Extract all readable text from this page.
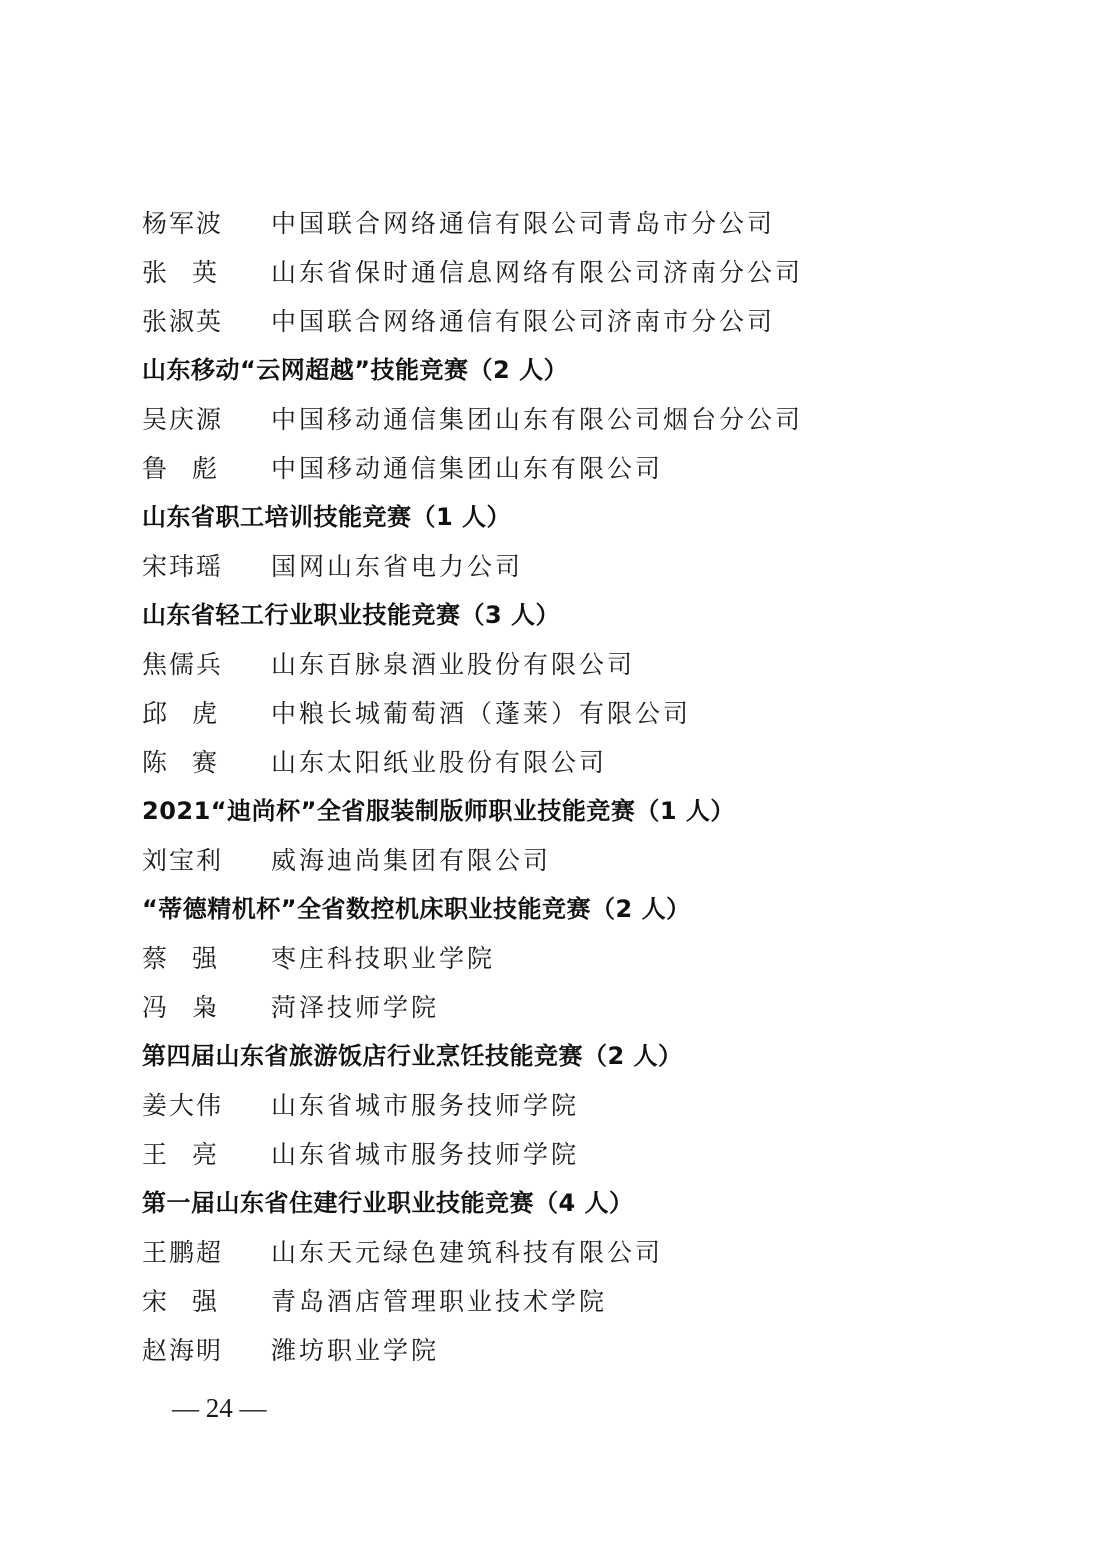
杨军波 中国联合网络通信有限公司青岛市分公司
张　英	山东省保时通信息网络有限公司济南分公司
张淑英 中国联合网络通信有限公司济南市分公司
山东移动“云网超越”技能竞赛（2 人）
吴庆源 中国移动通信集团山东有限公司烟台分公司
鲁　彪	中国移动通信集团山东有限公司
山东省职工培训技能竞赛（1 人）
宋玮瑶 国网山东省电力公司
山东省轻工行业职业技能竞赛（3 人）
焦儒兵 山东百脉泉酒业股份有限公司
邱　虎	中粮长城葡萄酒（蓬莱）有限公司
陈　赛	山东太阳纸业股份有限公司
2021“迪尚杯”全省服装制版师职业技能竞赛（1 人）
刘宝利 威海迪尚集团有限公司
“蒂德精机杯”全省数控机床职业技能竞赛（2 人）
蔡　强	枣庄科技职业学院
冯　枭	菏泽技师学院
第四届山东省旅游饭店行业烹饪技能竞赛（2 人）
姜大伟 山东省城市服务技师学院
王　亮	山东省城市服务技师学院
第一届山东省住建行业职业技能竞赛（4 人）
王鹏超 山东天元绿色建筑科技有限公司
宋　强	青岛酒店管理职业技术学院
赵海明 潍坊职业学院
— 24 —
